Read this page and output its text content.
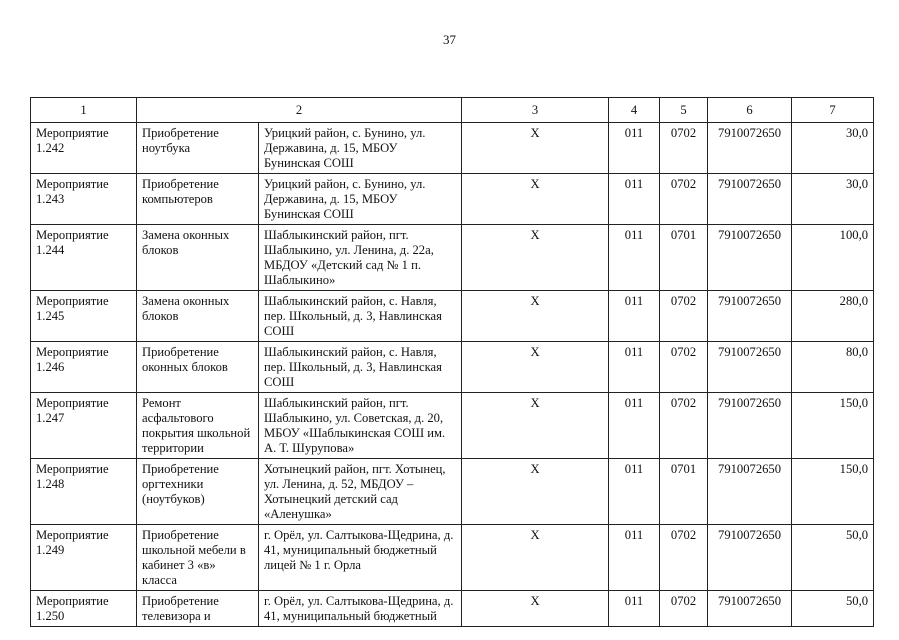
37
1	2		3	4	5	6	7
Мероприятие 1.242	Приобретение ноутбука	Урицкий район, с. Бунино, ул. Державина, д. 15, МБОУ Бунинская СОШ	Х	011	0702	7910072650	30,0
Мероприятие 1.243	Приобретение компьютеров	Урицкий район, с. Бунино, ул. Державина, д. 15, МБОУ Бунинская СОШ	Х	011	0702	7910072650	30,0
Мероприятие 1.244	Замена оконных блоков	Шаблыкинский район, пгт. Шаблыкино, ул. Ленина, д. 22а, МБДОУ «Детский сад № 1 п. Шаблыкино»	Х	011	0701	7910072650	100,0
Мероприятие 1.245	Замена оконных блоков	Шаблыкинский район, с. Навля, пер. Школьный, д. 3, Навлинская СОШ	Х	011	0702	7910072650	280,0
Мероприятие 1.246	Приобретение оконных блоков	Шаблыкинский район, с. Навля, пер. Школьный, д. 3, Навлинская СОШ	Х	011	0702	7910072650	80,0
Мероприятие 1.247	Ремонт асфальтового покрытия школьной территории	Шаблыкинский район, пгт. Шаблыкино, ул. Советская, д. 20, МБОУ «Шаблыкинская СОШ им. А. Т. Шурупова»	Х	011	0702	7910072650	150,0
Мероприятие 1.248	Приобретение оргтехники (ноутбуков)	Хотынецкий район, пгт. Хотынец, ул. Ленина, д. 52, МБДОУ – Хотынецкий детский сад «Аленушка»	Х	011	0701	7910072650	150,0
Мероприятие 1.249	Приобретение школьной мебели в кабинет 3 «в» класса	г. Орёл, ул. Салтыкова-Щедрина, д. 41, муниципальный бюджетный лицей № 1 г. Орла	Х	011	0702	7910072650	50,0
Мероприятие 1.250	Приобретение телевизора и	г. Орёл, ул. Салтыкова-Щедрина, д. 41, муниципальный бюджетный	Х	011	0702	7910072650	50,0
